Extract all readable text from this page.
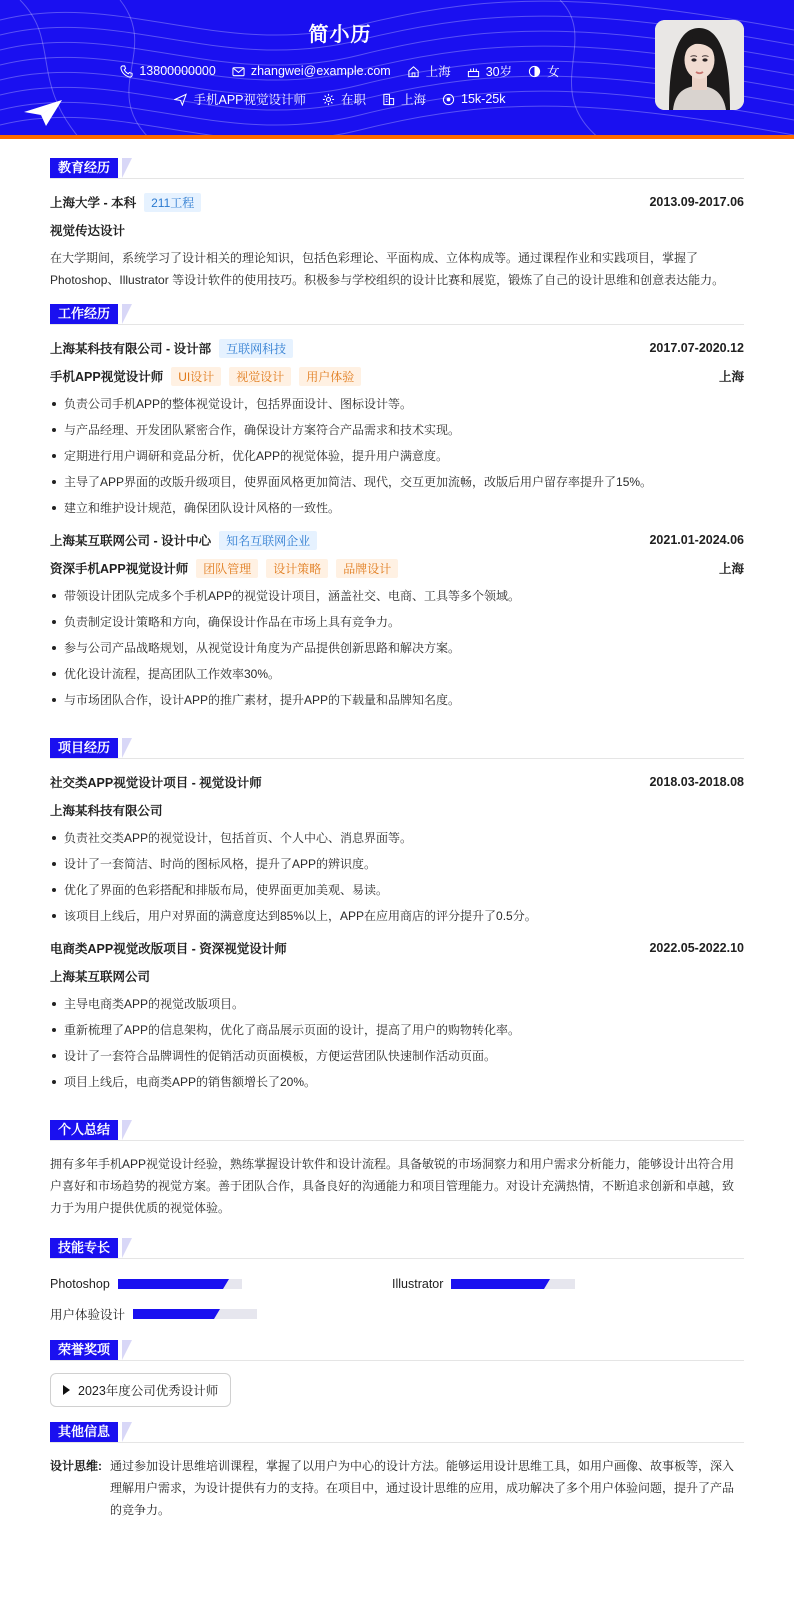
简小历
13800000000	zhangwei@example.com	上海	30岁	女
手机APP视觉设计师	在职	上海	15k-25k
教育经历
上海大学 - 本科 211工程	2013.09-2017.06
视觉传达设计

在大学期间，系统学习了设计相关的理论知识，包括色彩理论、平面构成、立体构成等。通过课程作业和实践项目，掌握了 Photoshop、Illustrator 等设计软件的使用技巧。积极参与学校组织的设计比赛和展览，锻炼了自己的设计思维和创意表达能力。

工作经历
上海某科技有限公司 - 设计部 互联网科技	2017.07-2020.12
手机APP视觉设计师 UI设计 视觉设计 用户体验	上海
负责公司手机APP的整体视觉设计，包括界面设计、图标设计等。
与产品经理、开发团队紧密合作，确保设计方案符合产品需求和技术实现。
定期进行用户调研和竞品分析，优化APP的视觉体验，提升用户满意度。
主导了APP界面的改版升级项目，使界面风格更加简洁、现代，交互更加流畅，改版后用户留存率提升了15%。
建立和维护设计规范，确保团队设计风格的一致性。
上海某互联网公司 - 设计中心 知名互联网企业	2021.01-2024.06
资深手机APP视觉设计师 团队管理 设计策略 品牌设计	上海
带领设计团队完成多个手机APP的视觉设计项目，涵盖社交、电商、工具等多个领域。
负责制定设计策略和方向，确保设计作品在市场上具有竞争力。
参与公司产品战略规划，从视觉设计角度为产品提供创新思路和解决方案。
优化设计流程，提高团队工作效率30%。
与市场团队合作，设计APP的推广素材，提升APP的下载量和品牌知名度。
项目经历
社交类APP视觉设计项目 - 视觉设计师	2018.03-2018.08
上海某科技有限公司
负责社交类APP的视觉设计，包括首页、个人中心、消息界面等。
设计了一套简洁、时尚的图标风格，提升了APP的辨识度。
优化了界面的色彩搭配和排版布局，使界面更加美观、易读。
该项目上线后，用户对界面的满意度达到85%以上，APP在应用商店的评分提升了0.5分。
电商类APP视觉改版项目 - 资深视觉设计师	2022.05-2022.10
上海某互联网公司
主导电商类APP的视觉改版项目。
重新梳理了APP的信息架构，优化了商品展示页面的设计，提高了用户的购物转化率。
设计了一套符合品牌调性的促销活动页面模板，方便运营团队快速制作活动页面。
项目上线后，电商类APP的销售额增长了20%。
个人总结

拥有多年手机APP视觉设计经验，熟练掌握设计软件和设计流程。具备敏锐的市场洞察力和用户需求分析能力，能够设计出符合用户喜好和市场趋势的视觉方案。善于团队合作，具备良好的沟通能力和项目管理能力。对设计充满热情，不断追求创新和卓越，致力于为用户提供优质的视觉体验。

技能专长
Photoshop	Illustrator
用户体验设计
荣誉奖项
2023年度公司优秀设计师
其他信息
设计思维: 通过参加设计思维培训课程，掌握了以用户为中心的设计方法。能够运用设计思维工具，如用户画像、故事板等，深入理解用户需求，为设计提供有力的支持。在项目中，通过设计思维的应用，成功解决了多个用户体验问题，提升了产品的竞争力。
